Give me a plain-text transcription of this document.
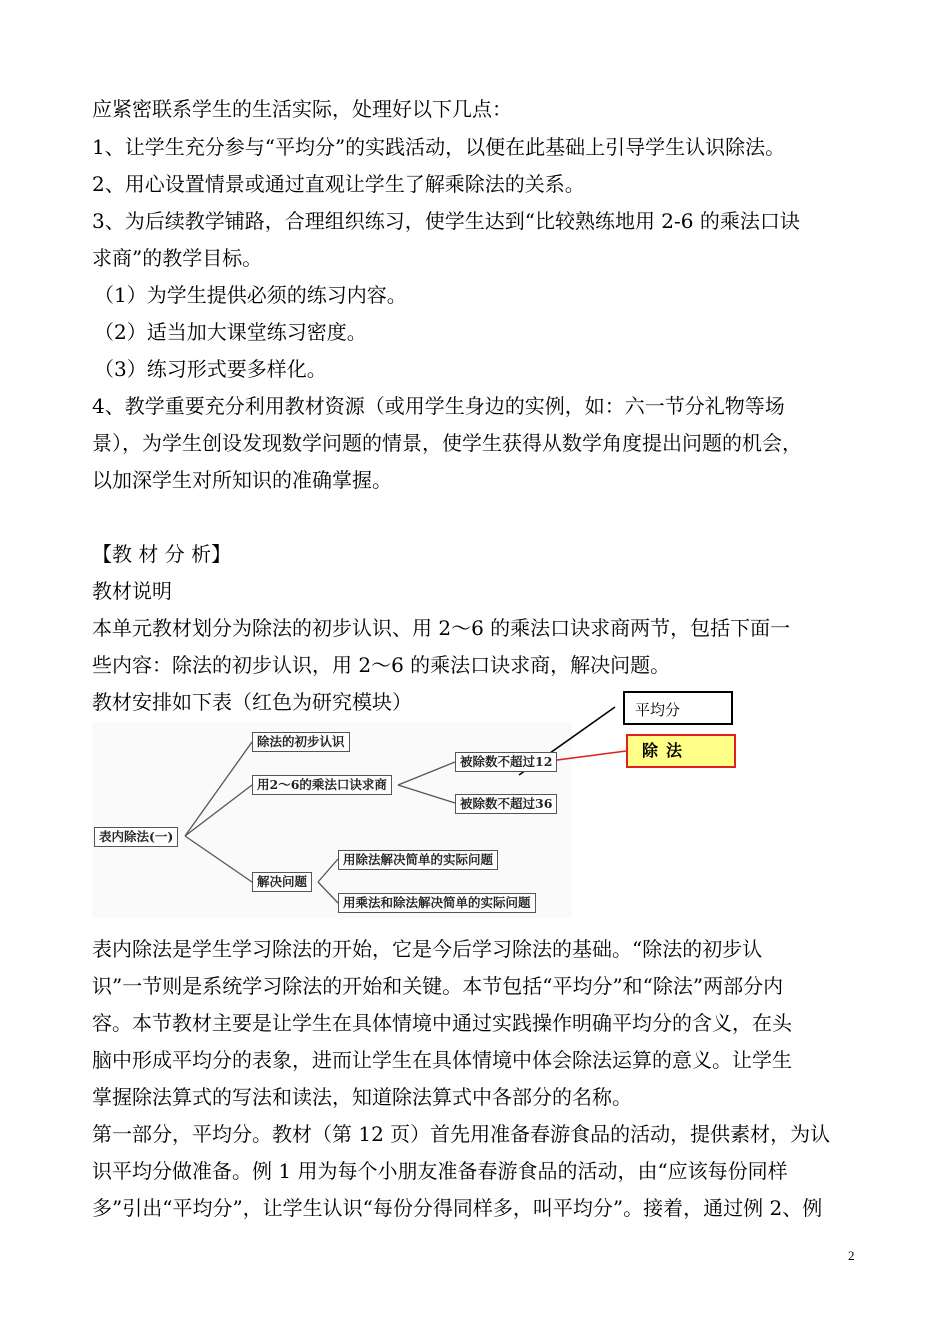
应紧密联系学生的生活实际，处理好以下几点：
1、让学生充分参与“平均分”的实践活动，以便在此基础上引导学生认识除法。
2、用心设置情景或通过直观让学生了解乘除法的关系。
3、为后续教学铺路，合理组织练习，使学生达到“比较熟练地用 2-6 的乘法口诀
求商”的教学目标。
（1）为学生提供必须的练习内容。
（2）适当加大课堂练习密度。
（3）练习形式要多样化。
4、教学重要充分利用教材资源（或用学生身边的实例，如：六一节分礼物等场
景），为学生创设发现数学问题的情景，使学生获得从数学角度提出问题的机会，
以加深学生对所知识的准确掌握。
【教 材 分 析】
教材说明
本单元教材划分为除法的初步认识、用 2～6 的乘法口诀求商两节，包括下面一
些内容：除法的初步认识，用 2～6 的乘法口诀求商，解决问题。
教材安排如下表（红色为研究模块）
表内除法(一)
除法的初步认识
用2～6的乘法口诀求商
被除数不超过12
被除数不超过36
解决问题
用除法解决简单的实际问题
用乘法和除法解决简单的实际问题
平均分
除法
表内除法是学生学习除法的开始，它是今后学习除法的基础。“除法的初步认
识”一节则是系统学习除法的开始和关键。本节包括“平均分”和“除法”两部分内
容。本节教材主要是让学生在具体情境中通过实践操作明确平均分的含义，在头
脑中形成平均分的表象，进而让学生在具体情境中体会除法运算的意义。让学生
掌握除法算式的写法和读法，知道除法算式中各部分的名称。
第一部分，平均分。教材（第 12 页）首先用准备春游食品的活动，提供素材，为认
识平均分做准备。例 1 用为每个小朋友准备春游食品的活动，由“应该每份同样
多”引出“平均分”，让学生认识“每份分得同样多，叫平均分”。接着，通过例 2、例
2
